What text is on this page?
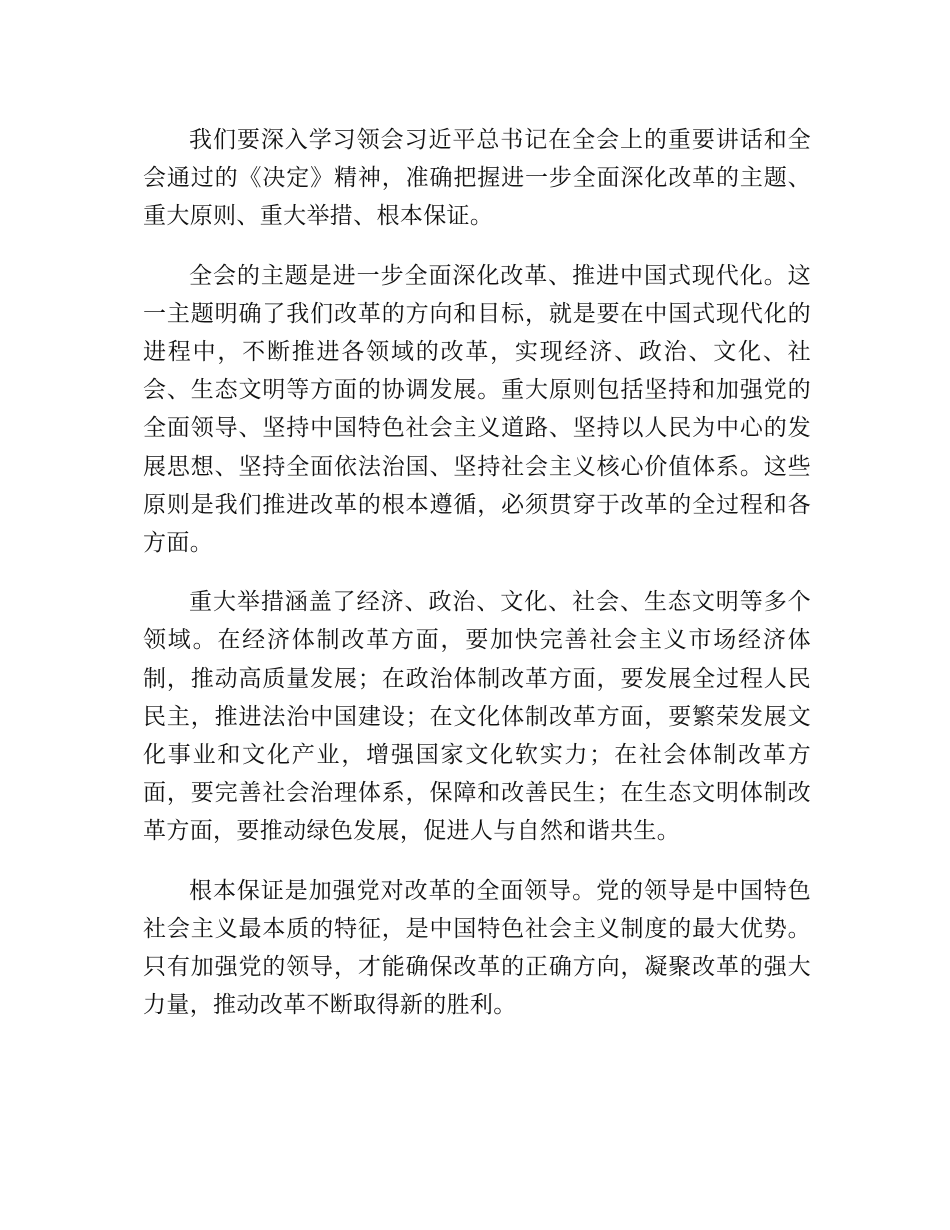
我们要深入学习领会习近平总书记在全会上的重要讲话和全会通过的《决定》精神，准确把握进一步全面深化改革的主题、重大原则、重大举措、根本保证。

全会的主题是进一步全面深化改革、推进中国式现代化。这一主题明确了我们改革的方向和目标，就是要在中国式现代化的进程中，不断推进各领域的改革，实现经济、政治、文化、社会、生态文明等方面的协调发展。重大原则包括坚持和加强党的全面领导、坚持中国特色社会主义道路、坚持以人民为中心的发展思想、坚持全面依法治国、坚持社会主义核心价值体系。这些原则是我们推进改革的根本遵循，必须贯穿于改革的全过程和各方面。

重大举措涵盖了经济、政治、文化、社会、生态文明等多个领域。在经济体制改革方面，要加快完善社会主义市场经济体制，推动高质量发展；在政治体制改革方面，要发展全过程人民民主，推进法治中国建设；在文化体制改革方面，要繁荣发展文化事业和文化产业，增强国家文化软实力；在社会体制改革方面，要完善社会治理体系，保障和改善民生；在生态文明体制改革方面，要推动绿色发展，促进人与自然和谐共生。

根本保证是加强党对改革的全面领导。党的领导是中国特色社会主义最本质的特征，是中国特色社会主义制度的最大优势。只有加强党的领导，才能确保改革的正确方向，凝聚改革的强大力量，推动改革不断取得新的胜利。
